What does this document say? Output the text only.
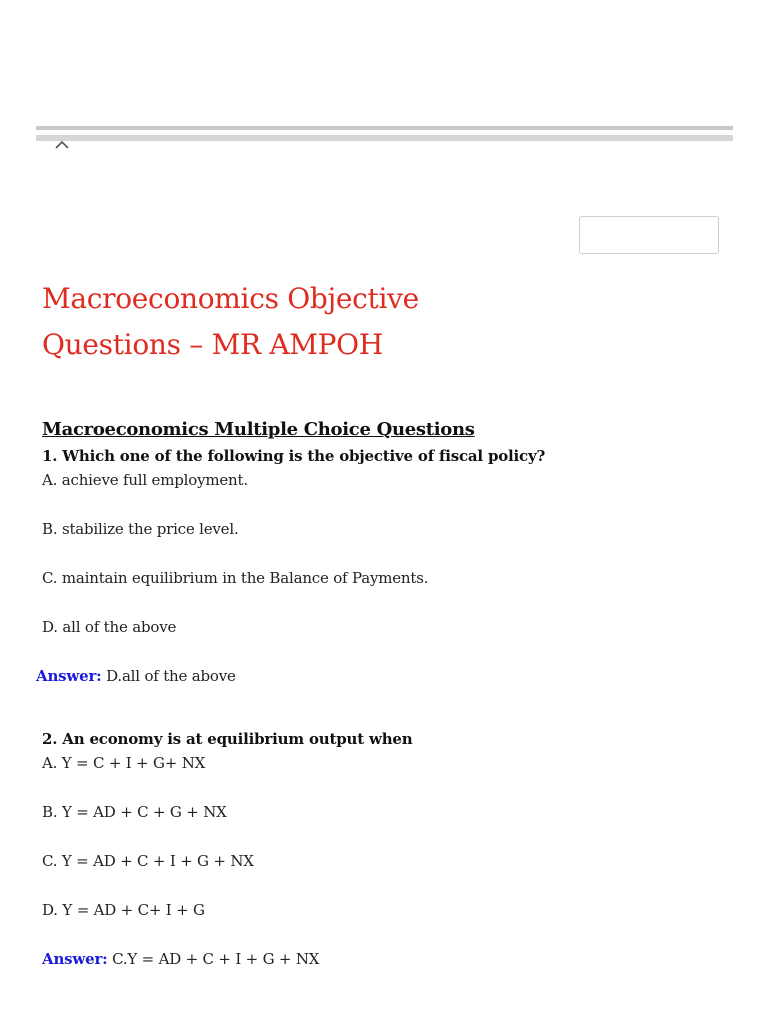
Macroeconomics Objective Questions – MR AMPOH

Macroeconomics Multiple Choice Questions

1. Which one of the following is the objective of fiscal policy?

A. achieve full employment.

B. stabilize the price level.

C. maintain equilibrium in the Balance of Payments.

D. all of the above

Answer: D.all of the above

2. An economy is at equilibrium output when

A. Y = C + I + G+ NX

B. Y = AD + C + G + NX

C. Y = AD + C + I + G + NX

D. Y = AD + C+ I + G

Answer: C.Y = AD + C + I + G + NX
